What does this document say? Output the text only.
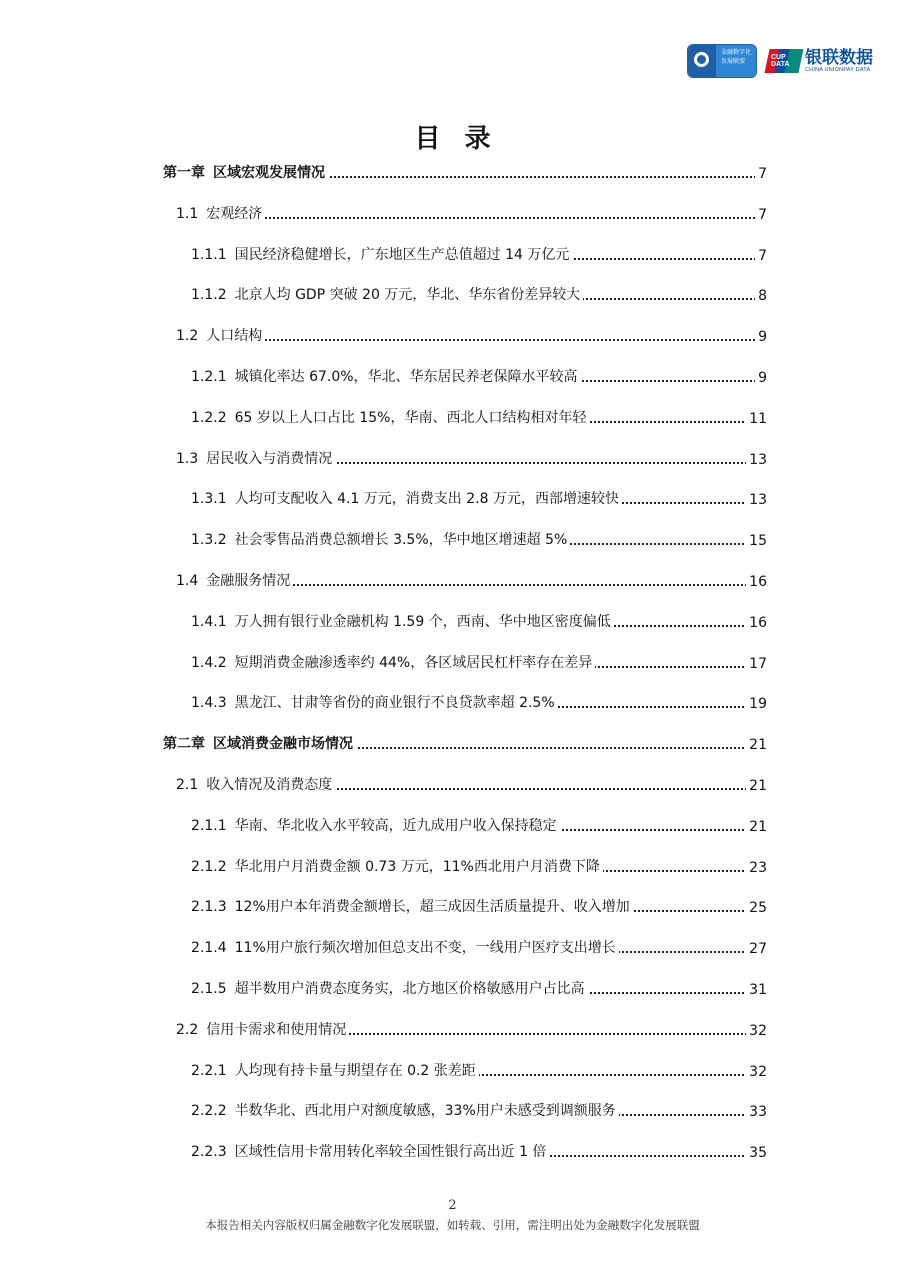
金融数字化发展联盟
CUP DATA 银联数据
CHINA UNIONPAY DATA
目录
第一章 区域宏观发展情况	7
1.1 宏观经济	7
1.1.1 国民经济稳健增长，广东地区生产总值超过 14 万亿元	7
1.1.2 北京人均 GDP 突破 20 万元，华北、华东省份差异较大	8
1.2 人口结构	9
1.2.1 城镇化率达 67.0%，华北、华东居民养老保障水平较高	9
1.2.2 65 岁以上人口占比 15%，华南、西北人口结构相对年轻	11
1.3 居民收入与消费情况	13
1.3.1 人均可支配收入 4.1 万元，消费支出 2.8 万元，西部增速较快	13
1.3.2 社会零售品消费总额增长 3.5%，华中地区增速超 5%	15
1.4 金融服务情况	16
1.4.1 万人拥有银行业金融机构 1.59 个，西南、华中地区密度偏低	16
1.4.2 短期消费金融渗透率约 44%，各区域居民杠杆率存在差异	17
1.4.3 黑龙江、甘肃等省份的商业银行不良贷款率超 2.5%	19
第二章 区域消费金融市场情况	21
2.1 收入情况及消费态度	21
2.1.1 华南、华北收入水平较高，近九成用户收入保持稳定	21
2.1.2 华北用户月消费金额 0.73 万元，11%西北用户月消费下降	23
2.1.3 12%用户本年消费金额增长，超三成因生活质量提升、收入增加	25
2.1.4 11%用户旅行频次增加但总支出不变，一线用户医疗支出增长	27
2.1.5 超半数用户消费态度务实，北方地区价格敏感用户占比高	31
2.2 信用卡需求和使用情况	32
2.2.1 人均现有持卡量与期望存在 0.2 张差距	32
2.2.2 半数华北、西北用户对额度敏感，33%用户未感受到调额服务	33
2.2.3 区域性信用卡常用转化率较全国性银行高出近 1 倍	35
2
本报告相关内容版权归属金融数字化发展联盟，如转载、引用，需注明出处为金融数字化发展联盟
